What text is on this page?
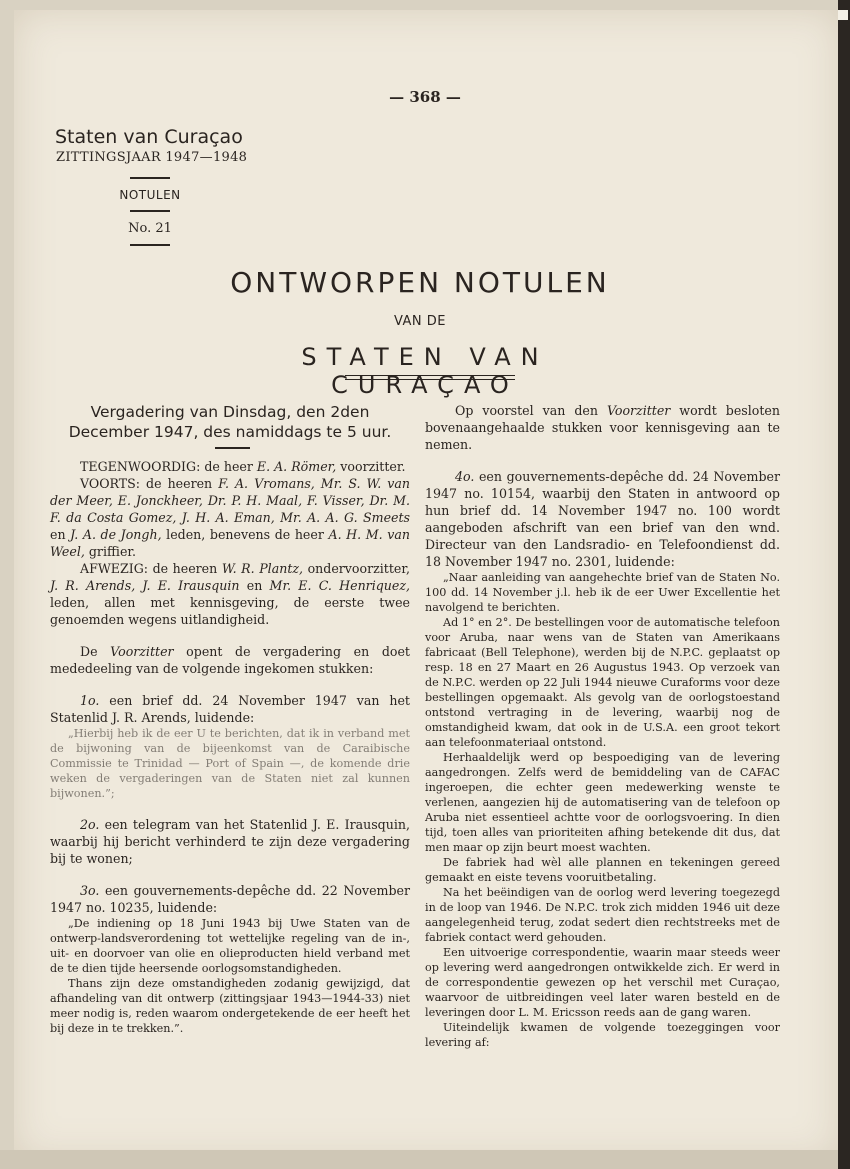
— 368 —
Staten van Curaçao
ZITTINGSJAAR 1947—1948
NOTULEN
No. 21
ONTWORPEN NOTULEN
VAN DE
STATEN VAN CURAÇAO
Vergadering van Dinsdag, den 2den December 1947, des namiddags te 5 uur.

TEGENWOORDIG: de heer E. A. Römer, voorzitter.

VOORTS: de heeren F. A. Vromans, Mr. S. W. van der Meer, E. Jonckheer, Dr. P. H. Maal, F. Visser, Dr. M. F. da Costa Gomez, J. H. A. Eman, Mr. A. A. G. Smeets en J. A. de Jongh, leden, benevens de heer A. H. M. van Weel, griffier.

AFWEZIG: de heeren W. R. Plantz, ondervoorzitter, J. R. Arends, J. E. Irausquin en Mr. E. C. Henriquez, leden, allen met kennisgeving, de eerste twee genoemden wegens uitlandigheid.

De Voorzitter opent de vergadering en doet mededeeling van de volgende ingekomen stukken:

1o. een brief dd. 24 November 1947 van het Statenlid J. R. Arends, luidende:

„Hierbij heb ik de eer U te berichten, dat ik in verband met de bijwoning van de bijeenkomst van de Caraibische Commissie te Trinidad — Port of Spain —, de komende drie weken de vergaderingen van de Staten niet zal kunnen bijwonen.”;

2o. een telegram van het Statenlid J. E. Irausquin, waarbij hij bericht verhinderd te zijn deze vergadering bij te wonen;

3o. een gouvernements-depêche dd. 22 November 1947 no. 10235, luidende:

„De indiening op 18 Juni 1943 bij Uwe Staten van de ontwerp-landsverordening tot wettelijke regeling van de in-, uit- en doorvoer van olie en olieproducten hield verband met de te dien tijde heersende oorlogsomstandigheden.

Thans zijn deze omstandigheden zodanig gewijzigd, dat afhandeling van dit ontwerp (zittingsjaar 1943—1944-33) niet meer nodig is, reden waarom ondergetekende de eer heeft het bij deze in te trekken.”.

Op voorstel van den Voorzitter wordt besloten bovenaangehaalde stukken voor kennisgeving aan te nemen.

4o. een gouvernements-depêche dd. 24 November 1947 no. 10154, waarbij den Staten in antwoord op hun brief dd. 14 November 1947 no. 100 wordt aangeboden afschrift van een brief van den wnd. Directeur van den Landsradio- en Telefoondienst dd. 18 November 1947 no. 2301, luidende:

„Naar aanleiding van aangehechte brief van de Staten No. 100 dd. 14 November j.l. heb ik de eer Uwer Excellentie het navolgend te berichten.

Ad 1° en 2°. De bestellingen voor de automatische telefoon voor Aruba, naar wens van de Staten van Amerikaans fabricaat (Bell Telephone), werden bij de N.P.C. geplaatst op resp. 18 en 27 Maart en 26 Augustus 1943. Op verzoek van de N.P.C. werden op 22 Juli 1944 nieuwe Curaforms voor deze bestellingen opgemaakt. Als gevolg van de oorlogstoestand ontstond vertraging in de levering, waarbij nog de omstandigheid kwam, dat ook in de U.S.A. een groot tekort aan telefoonmateriaal ontstond.

Herhaaldelijk werd op bespoediging van de levering aangedrongen. Zelfs werd de bemiddeling van de CAFAC ingeroepen, die echter geen medewerking wenste te verlenen, aangezien hij de automatisering van de telefoon op Aruba niet essentieel achtte voor de oorlogsvoering. In dien tijd, toen alles van prioriteiten afhing betekende dit dus, dat men maar op zijn beurt moest wachten.

De fabriek had wèl alle plannen en tekeningen gereed gemaakt en eiste tevens vooruitbetaling.

Na het beëindigen van de oorlog werd levering toegezegd in de loop van 1946. De N.P.C. trok zich midden 1946 uit deze aangelegenheid terug, zodat sedert dien rechtstreeks met de fabriek contact werd gehouden.

Een uitvoerige correspondentie, waarin maar steeds weer op levering werd aangedrongen ontwikkelde zich. Er werd in de correspondentie gewezen op het verschil met Curaçao, waarvoor de uitbreidingen veel later waren besteld en de leveringen door L. M. Ericsson reeds aan de gang waren.

Uiteindelijk kwamen de volgende toezeggingen voor levering af:
